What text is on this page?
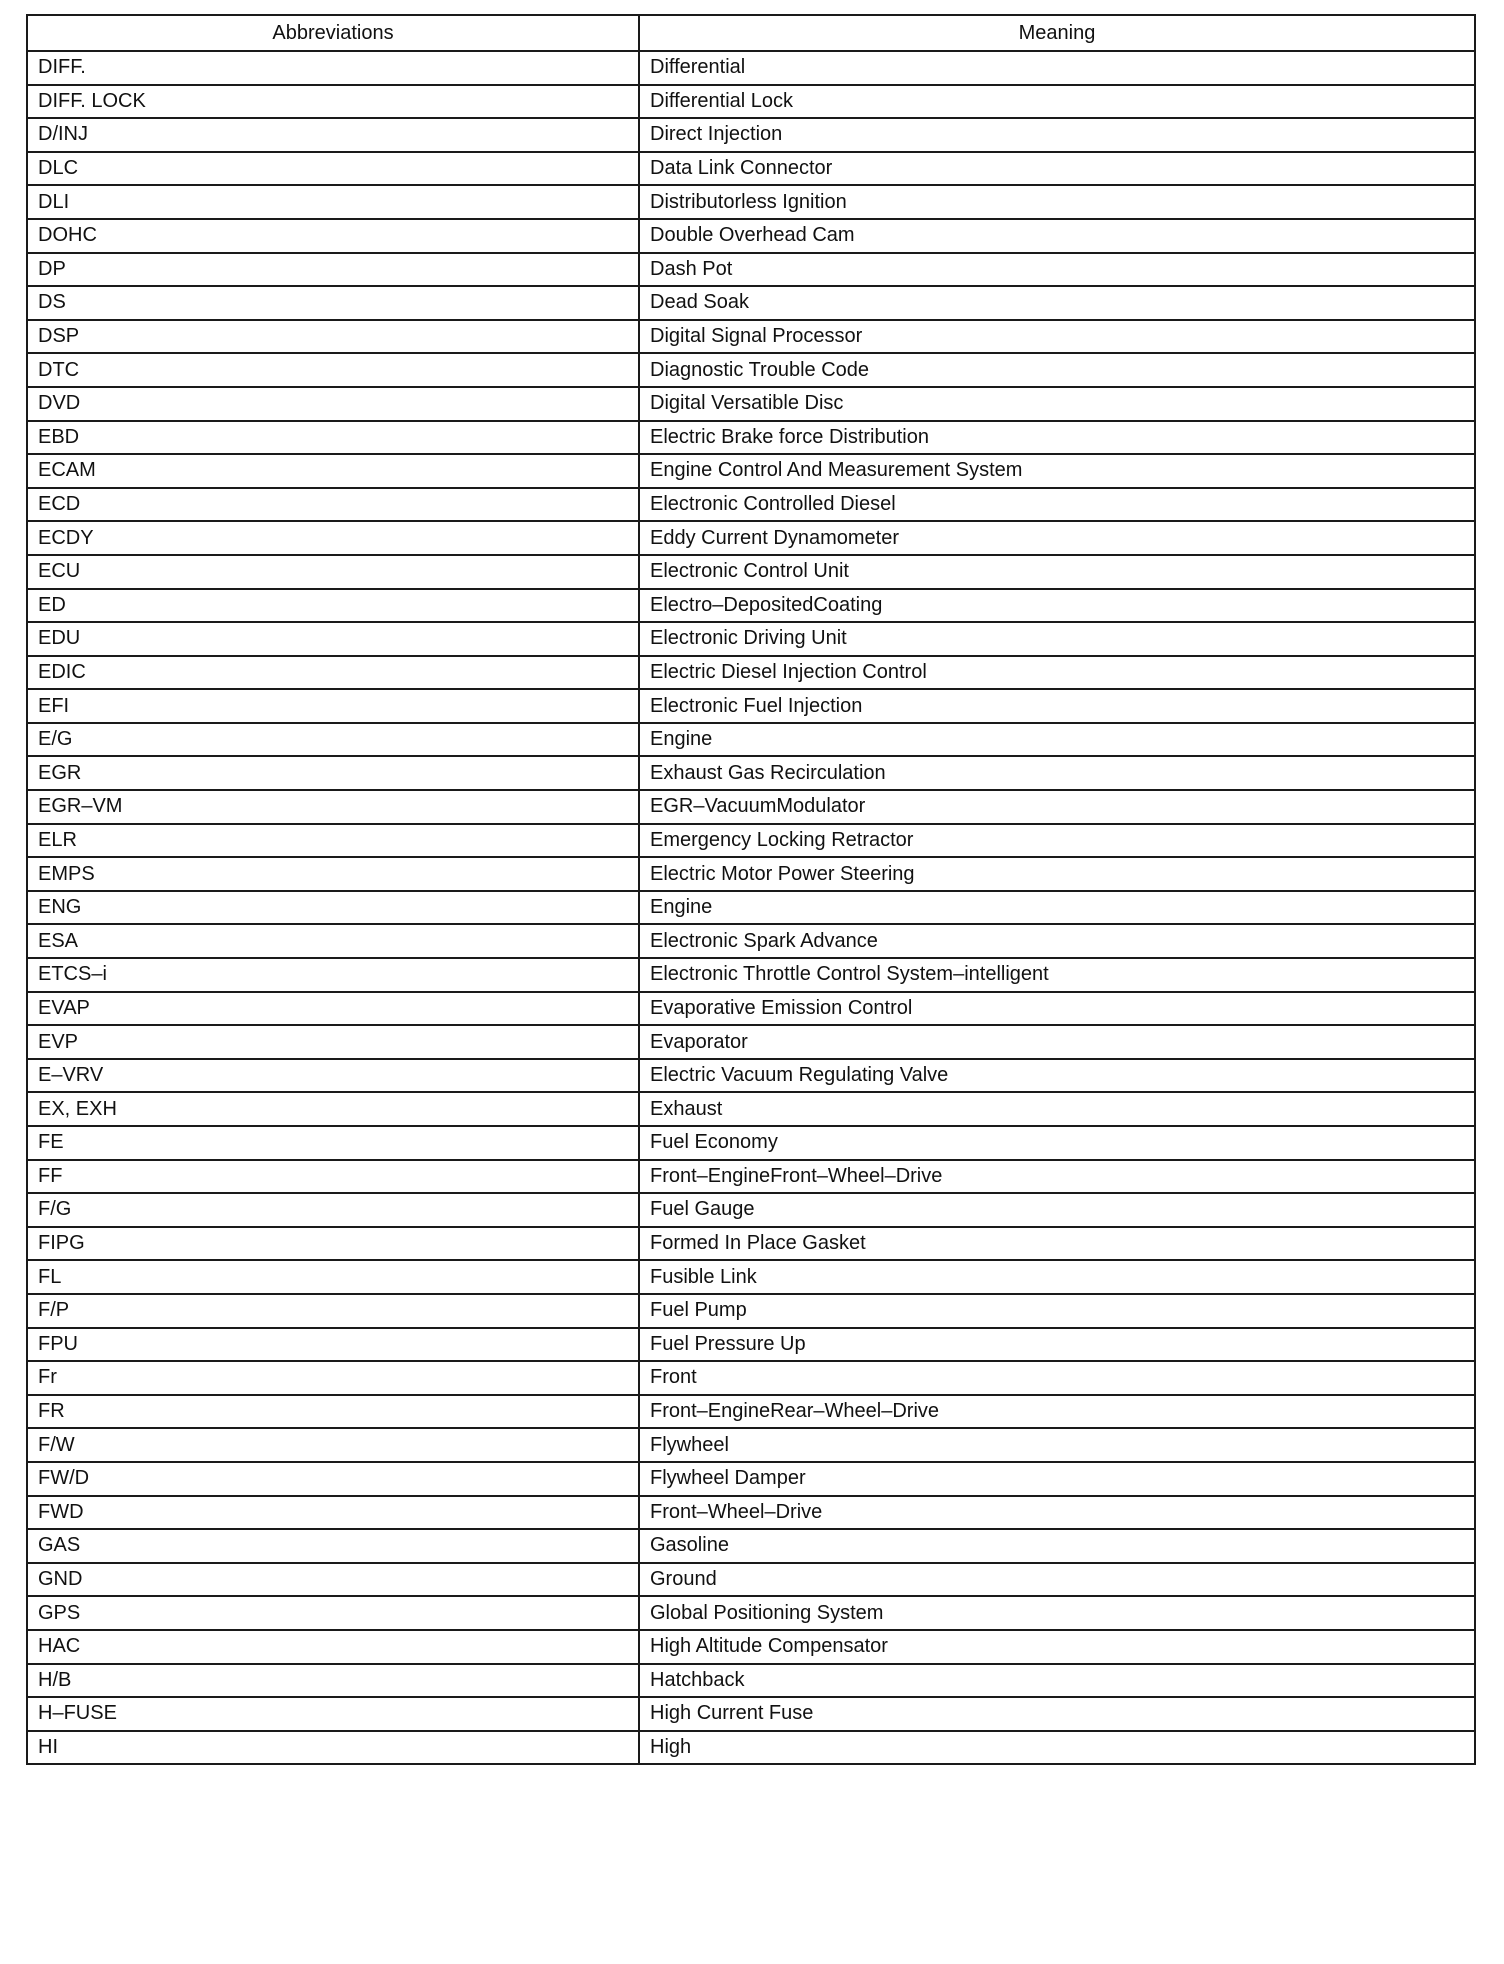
Abbreviations	Meaning
DIFF.	Differential
DIFF. LOCK	Differential Lock
D/INJ	Direct Injection
DLC	Data Link Connector
DLI	Distributorless Ignition
DOHC	Double Overhead Cam
DP	Dash Pot
DS	Dead Soak
DSP	Digital Signal Processor
DTC	Diagnostic Trouble Code
DVD	Digital Versatible Disc
EBD	Electric Brake force Distribution
ECAM	Engine Control And Measurement System
ECD	Electronic Controlled Diesel
ECDY	Eddy Current Dynamometer
ECU	Electronic Control Unit
ED	Electro–DepositedCoating
EDU	Electronic Driving Unit
EDIC	Electric Diesel Injection Control
EFI	Electronic Fuel Injection
E/G	Engine
EGR	Exhaust Gas Recirculation
EGR–VM	EGR–VacuumModulator
ELR	Emergency Locking Retractor
EMPS	Electric Motor Power Steering
ENG	Engine
ESA	Electronic Spark Advance
ETCS–i	Electronic Throttle Control System–intelligent
EVAP	Evaporative Emission Control
EVP	Evaporator
E–VRV	Electric Vacuum Regulating Valve
EX, EXH	Exhaust
FE	Fuel Economy
FF	Front–EngineFront–Wheel–Drive
F/G	Fuel Gauge
FIPG	Formed In Place Gasket
FL	Fusible Link
F/P	Fuel Pump
FPU	Fuel Pressure Up
Fr	Front
FR	Front–EngineRear–Wheel–Drive
F/W	Flywheel
FW/D	Flywheel Damper
FWD	Front–Wheel–Drive
GAS	Gasoline
GND	Ground
GPS	Global Positioning System
HAC	High Altitude Compensator
H/B	Hatchback
H–FUSE	High Current Fuse
HI	High
